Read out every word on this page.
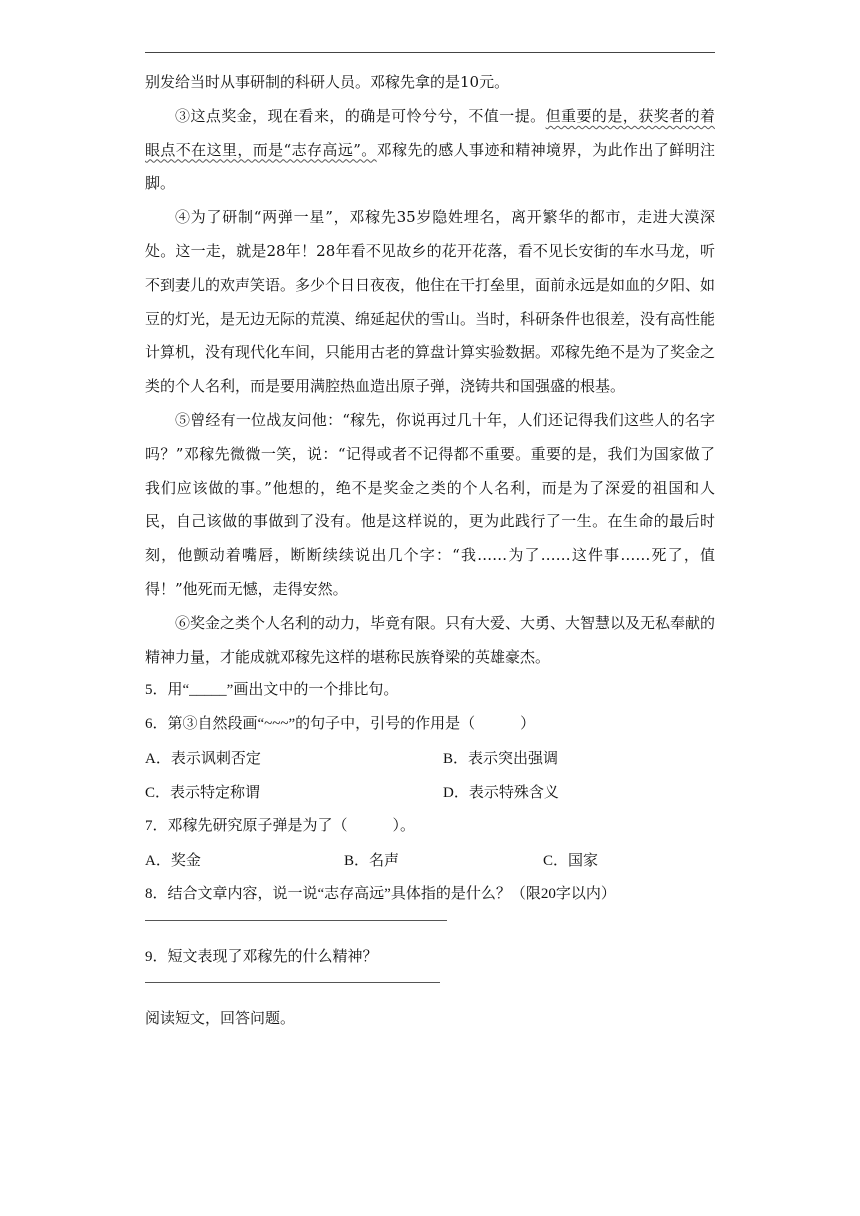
别发给当时从事研制的科研人员。邓稼先拿的是10元。

③这点奖金，现在看来，的确是可怜兮兮，不值一提。但重要的是，获奖者的着眼点不在这里，而是“志存高远”。邓稼先的感人事迹和精神境界，为此作出了鲜明注脚。

④为了研制“两弹一星”，邓稼先35岁隐姓埋名，离开繁华的都市，走进大漠深处。这一走，就是28年！28年看不见故乡的花开花落，看不见长安街的车水马龙，听不到妻儿的欢声笑语。多少个日日夜夜，他住在干打垒里，面前永远是如血的夕阳、如豆的灯光，是无边无际的荒漠、绵延起伏的雪山。当时，科研条件也很差，没有高性能计算机，没有现代化车间，只能用古老的算盘计算实验数据。邓稼先绝不是为了奖金之类的个人名利，而是要用满腔热血造出原子弹，浇铸共和国强盛的根基。

⑤曾经有一位战友问他：“稼先，你说再过几十年，人们还记得我们这些人的名字吗？”邓稼先微微一笑，说：“记得或者不记得都不重要。重要的是，我们为国家做了我们应该做的事。”他想的，绝不是奖金之类的个人名利，而是为了深爱的祖国和人民，自己该做的事做到了没有。他是这样说的，更为此践行了一生。在生命的最后时刻，他颤动着嘴唇，断断续续说出几个字：“我……为了……这件事……死了，值得！”他死而无憾，走得安然。

⑥奖金之类个人名利的动力，毕竟有限。只有大爱、大勇、大智慧以及无私奉献的精神力量，才能成就邓稼先这样的堪称民族脊梁的英雄豪杰。

5．用“_____”画出文中的一个排比句。

6．第③自然段画“~~~”的句子中，引号的作用是（　　　）

A．表示讽刺否定	B．表示突出强调
C．表示特定称谓	D．表示特殊含义

7．邓稼先研究原子弹是为了（　　　）。

A．奖金	B．名声	C．国家

8．结合文章内容，说一说“志存高远”具体指的是什么？（限20字以内）

9．短文表现了邓稼先的什么精神？

阅读短文，回答问题。
